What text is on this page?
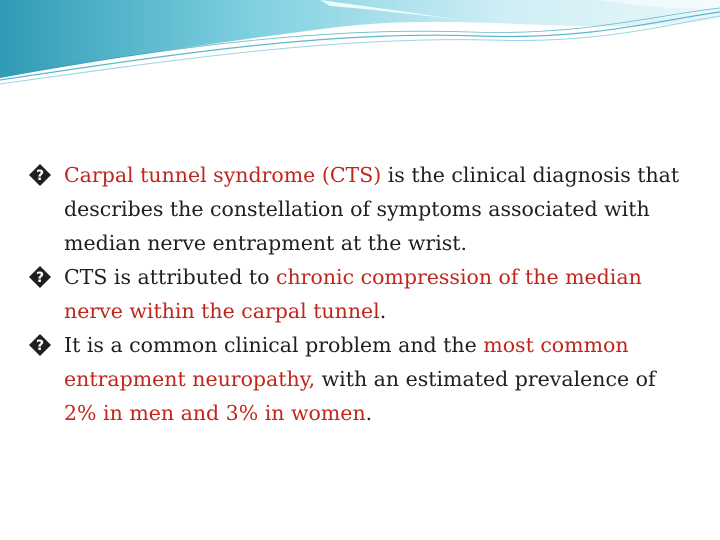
? Carpal tunnel syndrome (CTS) is the clinical diagnosis that describes the constellation of symptoms associated with median nerve entrapment at the wrist.

? CTS is attributed to chronic compression of the median nerve within the carpal tunnel.

? It is a common clinical problem and the most common entrapment neuropathy, with an estimated prevalence of 2% in men and 3% in women.
